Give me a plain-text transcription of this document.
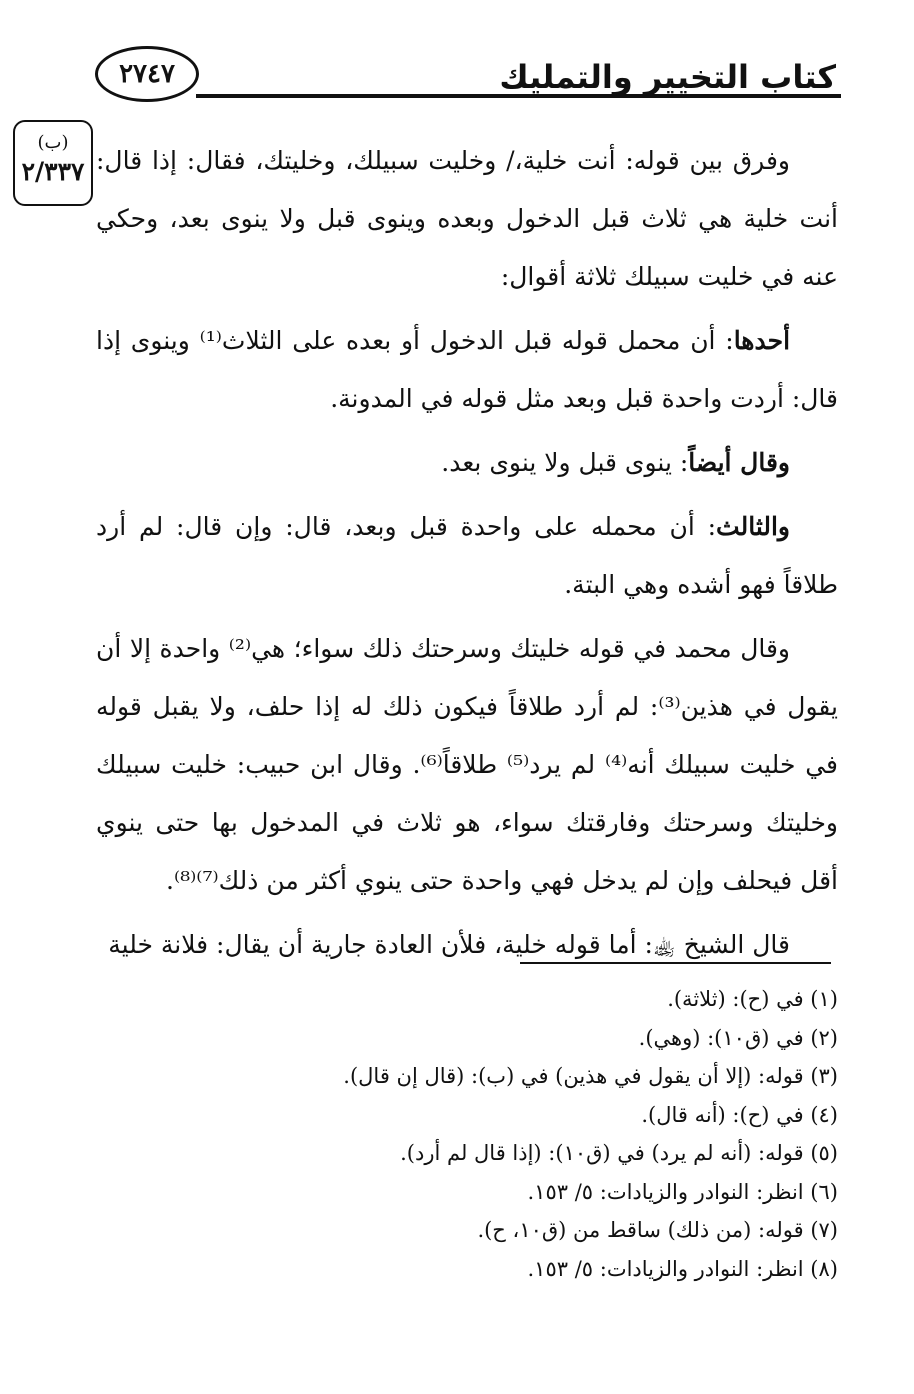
٢٧٤٧	كتاب التخيير والتمليك
(ب)
٢/٣٣٧ وفرق بين قوله: أنت خلية،/ وخليت سبيلك، وخليتك، فقال: إذا قال: أنت خلية هي ثلاث قبل الدخول وبعده وينوى قبل ولا ينوى بعد، وحكي عنه في خليت سبيلك ثلاثة أقوال:

أحدها: أن محمل قوله قبل الدخول أو بعده على الثلاث⁽¹⁾ وينوى إذا قال: أردت واحدة قبل وبعد مثل قوله في المدونة.

وقال أيضاً: ينوى قبل ولا ينوى بعد.

والثالث: أن محمله على واحدة قبل وبعد، قال: وإن قال: لم أرد طلاقاً فهو أشده وهي البتة.

وقال محمد في قوله خليتك وسرحتك ذلك سواء؛ هي⁽²⁾ واحدة إلا أن يقول في هذين⁽³⁾: لم أرد طلاقاً فيكون ذلك له إذا حلف، ولا يقبل قوله في خليت سبيلك أنه⁽⁴⁾ لم يرد⁽⁵⁾ طلاقاً⁽⁶⁾. وقال ابن حبيب: خليت سبيلك وخليتك وسرحتك وفارقتك سواء، هو ثلاث في المدخول بها حتى ينوي أقل فيحلف وإن لم يدخل فهي واحدة حتى ينوي أكثر من ذلك⁽⁷⁾⁽⁸⁾.

قال الشيخ ﵀: أما قوله خلية، فلأن العادة جارية أن يقال: فلانة خلية

(١) في (ح): (ثلاثة).

(٢) في (ق١٠): (وهي).

(٣) قوله: (إلا أن يقول في هذين) في (ب): (قال إن قال).

(٤) في (ح): (أنه قال).

(٥) قوله: (أنه لم يرد) في (ق١٠): (إذا قال لم أرد).

(٦) انظر: النوادر والزيادات: ٥/ ١٥٣.

(٧) قوله: (من ذلك) ساقط من (ق١٠، ح).

(٨) انظر: النوادر والزيادات: ٥/ ١٥٣.
